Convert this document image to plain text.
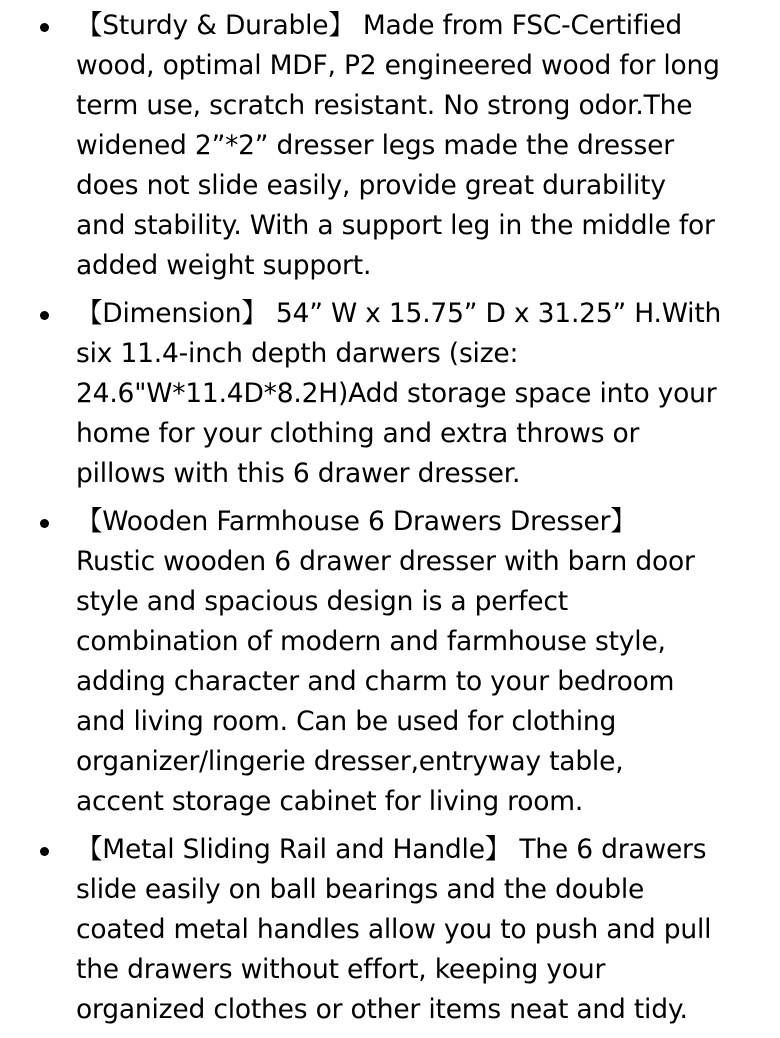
【Sturdy & Durable】 Made from FSC-Certified
wood, optimal MDF, P2 engineered wood for long
term use, scratch resistant. No strong odor.The
widened 2”*2” dresser legs made the dresser
does not slide easily, provide great durability
and stability. With a support leg in the middle for
added weight support.
【Dimension】 54” W x 15.75” D x 31.25” H.With
six 11.4-inch depth darwers (size:
24.6"W*11.4D*8.2H)Add storage space into your
home for your clothing and extra throws or
pillows with this 6 drawer dresser.
【Wooden Farmhouse 6 Drawers Dresser】
Rustic wooden 6 drawer dresser with barn door
style and spacious design is a perfect
combination of modern and farmhouse style,
adding character and charm to your bedroom
and living room. Can be used for clothing
organizer/lingerie dresser,entryway table,
accent storage cabinet for living room.
【Metal Sliding Rail and Handle】 The 6 drawers
slide easily on ball bearings and the double
coated metal handles allow you to push and pull
the drawers without effort, keeping your
organized clothes or other items neat and tidy.
